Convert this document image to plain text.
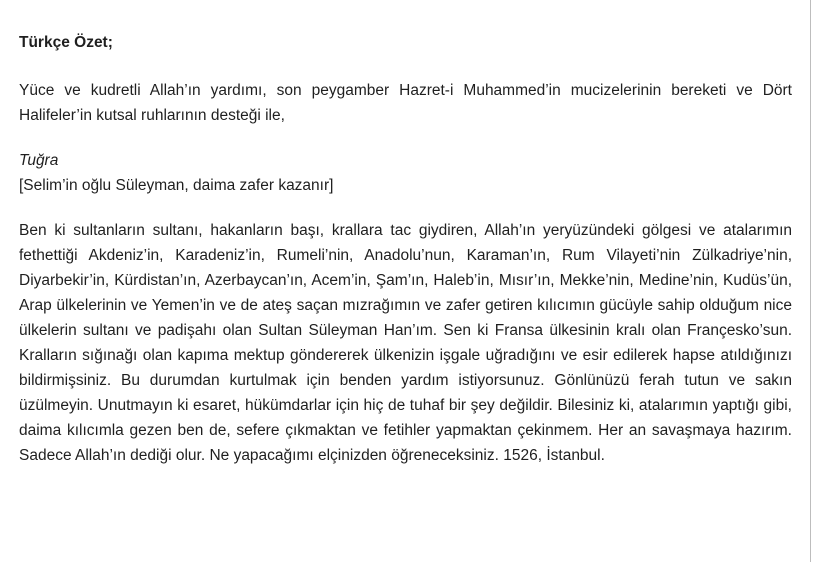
Türkçe Özet;

Yüce ve kudretli Allah’ın yardımı, son peygamber Hazret-i Muhammed’in mucizelerinin bereketi ve Dört Halifeler’in kutsal ruhlarının desteği ile,

Tuğra

[Selim’in oğlu Süleyman, daima zafer kazanır]

Ben ki sultanların sultanı, hakanların başı, krallara tac giydiren, Allah’ın yeryüzündeki gölgesi ve atalarımın fethettiği Akdeniz’in, Karadeniz’in, Rumeli’nin, Anadolu’nun, Karaman’ın, Rum Vilayeti’nin Zülkadriye’nin, Diyarbekir’in, Kürdistan’ın, Azerbaycan’ın, Acem’in, Şam’ın, Haleb’in, Mısır’ın, Mekke’nin, Medine’nin, Kudüs’ün, Arap ülkelerinin ve Yemen’in ve de ateş saçan mızrağımın ve zafer getiren kılıcımın gücüyle sahip olduğum nice ülkelerin sultanı ve padişahı olan Sultan Süleyman Han’ım. Sen ki Fransa ülkesinin kralı olan Françesko’sun. Kralların sığınağı olan kapıma mektup göndererek ülkenizin işgale uğradığını ve esir edilerek hapse atıldığınızı bildirmişsiniz. Bu durumdan kurtulmak için benden yardım istiyorsunuz. Gönlünüzü ferah tutun ve sakın üzülmeyin. Unutmayın ki esaret, hükümdarlar için hiç de tuhaf bir şey değildir. Bilesiniz ki, atalarımın yaptığı gibi, daima kılıcımla gezen ben de, sefere çıkmaktan ve fetihler yapmaktan çekinmem. Her an savaşmaya hazırım. Sadece Allah’ın dediği olur. Ne yapacağımı elçinizden öğreneceksiniz. 1526, İstanbul.
